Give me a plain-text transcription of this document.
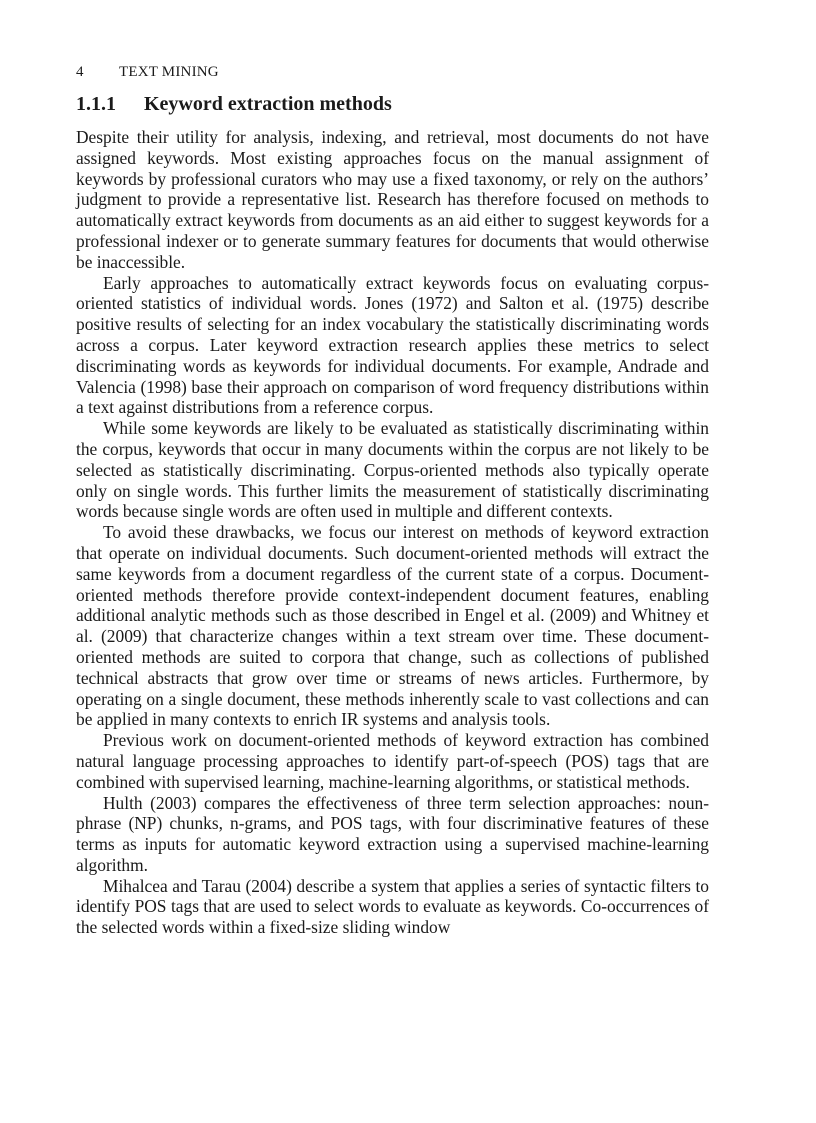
4 TEXT MINING
1.1.1 Keyword extraction methods

Despite their utility for analysis, indexing, and retrieval, most documents do not have assigned keywords. Most existing approaches focus on the manual assignment of keywords by professional curators who may use a fixed taxonomy, or rely on the authors’ judgment to provide a representative list. Research has therefore focused on methods to automatically extract keywords from documents as an aid either to suggest keywords for a professional indexer or to generate summary features for documents that would otherwise be inaccessible.

Early approaches to automatically extract keywords focus on evaluating corpus-oriented statistics of individual words. Jones (1972) and Salton et al. (1975) describe positive results of selecting for an index vocabulary the statistically discriminating words across a corpus. Later keyword extraction research applies these metrics to select discriminating words as keywords for individual documents. For example, Andrade and Valencia (1998) base their approach on comparison of word frequency distributions within a text against distributions from a reference corpus.

While some keywords are likely to be evaluated as statistically discriminating within the corpus, keywords that occur in many documents within the corpus are not likely to be selected as statistically discriminating. Corpus-oriented methods also typically operate only on single words. This further limits the measurement of statistically discriminating words because single words are often used in multiple and different contexts.

To avoid these drawbacks, we focus our interest on methods of keyword extraction that operate on individual documents. Such document-oriented methods will extract the same keywords from a document regardless of the current state of a corpus. Document-oriented methods therefore provide context-independent document features, enabling additional analytic methods such as those described in Engel et al. (2009) and Whitney et al. (2009) that characterize changes within a text stream over time. These document-oriented methods are suited to corpora that change, such as collections of published technical abstracts that grow over time or streams of news articles. Furthermore, by operating on a single document, these methods inherently scale to vast collections and can be applied in many contexts to enrich IR systems and analysis tools.

Previous work on document-oriented methods of keyword extraction has combined natural language processing approaches to identify part-of-speech (POS) tags that are combined with supervised learning, machine-learning algorithms, or statistical methods.

Hulth (2003) compares the effectiveness of three term selection approaches: noun-phrase (NP) chunks, n-grams, and POS tags, with four discriminative features of these terms as inputs for automatic keyword extraction using a supervised machine-learning algorithm.

Mihalcea and Tarau (2004) describe a system that applies a series of syntactic filters to identify POS tags that are used to select words to evaluate as keywords. Co-occurrences of the selected words within a fixed-size sliding window
